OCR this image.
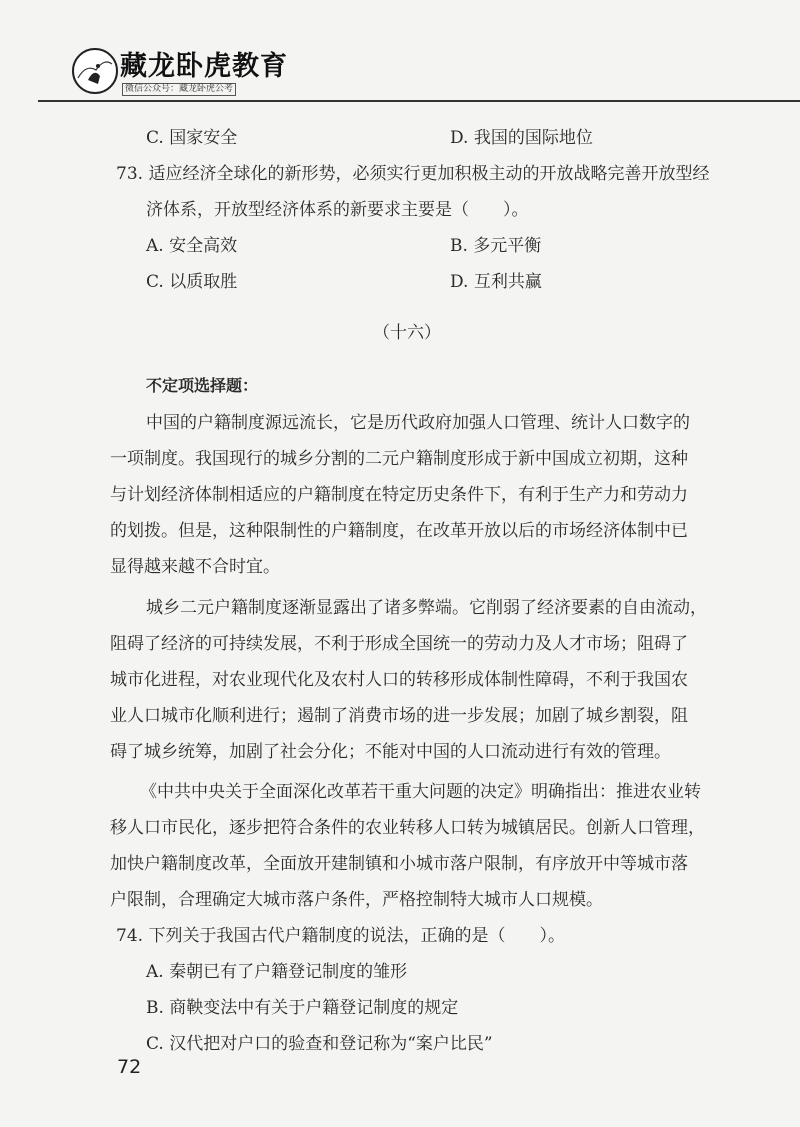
藏龙卧虎教育
微信公众号：藏龙卧虎公考
C. 国家安全	D. 我国的国际地位
73. 适应经济全球化的新形势，必须实行更加积极主动的开放战略完善开放型经
济体系，开放型经济体系的新要求主要是（　　）。
A. 安全高效	B. 多元平衡
C. 以质取胜	D. 互利共赢
（十六）
不定项选择题：
中国的户籍制度源远流长，它是历代政府加强人口管理、统计人口数字的
一项制度。我国现行的城乡分割的二元户籍制度形成于新中国成立初期，这种
与计划经济体制相适应的户籍制度在特定历史条件下，有利于生产力和劳动力
的划拨。但是，这种限制性的户籍制度，在改革开放以后的市场经济体制中已
显得越来越不合时宜。
城乡二元户籍制度逐渐显露出了诸多弊端。它削弱了经济要素的自由流动，
阻碍了经济的可持续发展，不利于形成全国统一的劳动力及人才市场；阻碍了
城市化进程，对农业现代化及农村人口的转移形成体制性障碍，不利于我国农
业人口城市化顺利进行；遏制了消费市场的进一步发展；加剧了城乡割裂，阻
碍了城乡统筹，加剧了社会分化；不能对中国的人口流动进行有效的管理。
《中共中央关于全面深化改革若干重大问题的决定》明确指出：推进农业转
移人口市民化，逐步把符合条件的农业转移人口转为城镇居民。创新人口管理，
加快户籍制度改革，全面放开建制镇和小城市落户限制，有序放开中等城市落
户限制，合理确定大城市落户条件，严格控制特大城市人口规模。
74. 下列关于我国古代户籍制度的说法，正确的是（　　）。
A. 秦朝已有了户籍登记制度的雏形
B. 商鞅变法中有关于户籍登记制度的规定
C. 汉代把对户口的验查和登记称为“案户比民”
72
